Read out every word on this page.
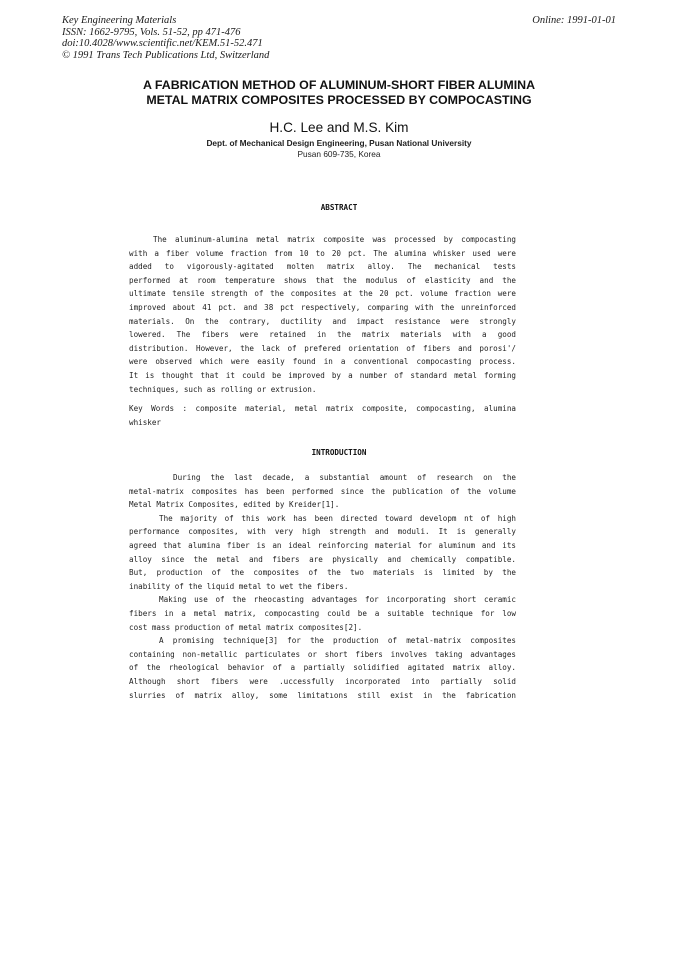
Key Engineering Materials
ISSN: 1662-9795, Vols. 51-52, pp 471-476
doi:10.4028/www.scientific.net/KEM.51-52.471
© 1991 Trans Tech Publications Ltd, Switzerland
Online: 1991-01-01
A FABRICATION METHOD OF ALUMINUM-SHORT FIBER ALUMINA
METAL MATRIX COMPOSITES PROCESSED BY COMPOCASTING
H.C. Lee and M.S. Kim
Dept. of Mechanical Design Engineering, Pusan National University
Pusan 609-735, Korea
ABSTRACT
The aluminum-alumina metal matrix composite was processed by compocasting
with a fiber volume fraction from 10 to 20 pct. The alumina whisker used were
added to vigorously-agitated molten matrix alloy. The mechanical tests
performed at room temperature shows that the modulus of elasticity and the
ultimate tensile strength of the composites at the 20 pct. volume fraction were
improved about 41 pct. and 38 pct respectively, comparing with the unreinforced
materials. On the contrary, ductility and impact resistance were strongly
lowered. The fibers were retained in the matrix materials with a good
distribution. However, the lack of prefered orientation of fibers and porosi'/
were observed which were easily found in a conventional compocasting process.
It is thought that it could be improved by a number of standard metal forming
techniques, such as rolling or extrusion.
Key Words : composite material, metal matrix composite, compocasting, alumina
whisker
INTRODUCTION
During the last decade, a substantial amount of research on the
metal-matrix composites has been performed since the publication of the volume
Metal Matrix Composites, edited by Kreider[1].
The majority of this work has been directed toward developm nt of high
performance composites, with very high strength and moduli. It is generally
agreed that alumina fiber is an ideal reinforcing material for aluminum and its
alloy since the metal and fibers are physically and chemically compatible.
But, production of the composites of the two materials is limited by the
inability of the liquid metal to wet the fibers.
Making use of the rheocasting advantages for incorporating short ceramic
fibers in a metal matrix, compocasting could be a suitable technique for low
cost mass production of metal matrix composites[2].
A promising technique[3] for the production of metal-matrix composites
containing non-metallic particulates or short fibers involves taking advantages
of the rheological behavior of a partially solidified agitated matrix alloy.
Although short fibers were .uccessfully incorporated into partially solid
slurries of matrix alloy, some limitatıons still exist in the fabrication
